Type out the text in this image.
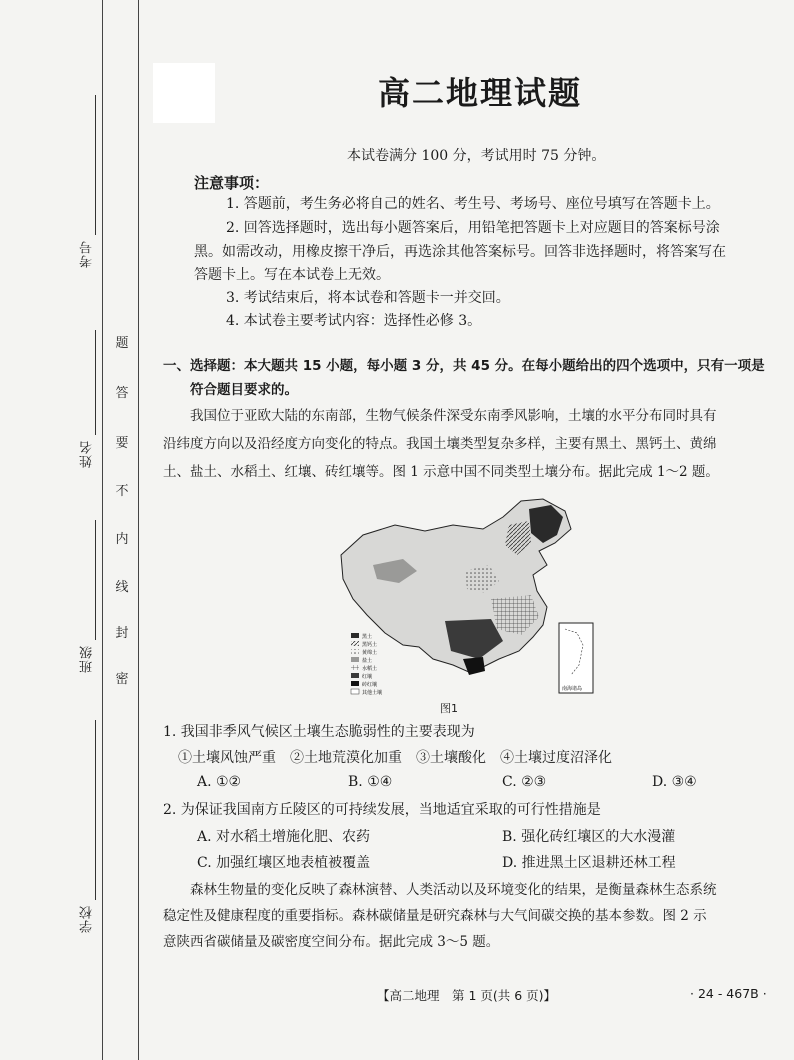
考号
姓名
班级
学校
题
答
要
不
内
线
封
密
高二地理试题
本试卷满分 100 分，考试用时 75 分钟。
注意事项：
1. 答题前，考生务必将自己的姓名、考生号、考场号、座位号填写在答题卡上。
2. 回答选择题时，选出每小题答案后，用铅笔把答题卡上对应题目的答案标号涂
黑。如需改动，用橡皮擦干净后，再选涂其他答案标号。回答非选择题时，将答案写在
答题卡上。写在本试卷上无效。
3. 考试结束后，将本试卷和答题卡一并交回。
4. 本试卷主要考试内容：选择性必修 3。
一、选择题：本大题共 15 小题，每小题 3 分，共 45 分。在每小题给出的四个选项中，只有一项是
符合题目要求的。
我国位于亚欧大陆的东南部，生物气候条件深受东南季风影响，土壤的水平分布同时具有
沿纬度方向以及沿经度方向变化的特点。我国土壤类型复杂多样，主要有黑土、黑钙土、黄绵
土、盐土、水稻土、红壤、砖红壤等。图 1 示意中国不同类型土壤分布。据此完成 1～2 题。
黑土
黑钙土
黄绵土
盐土
水稻土
红壤
砖红壤
其他土壤
南海诸岛
图1
1. 我国非季风气候区土壤生态脆弱性的主要表现为
①土壤风蚀严重　②土地荒漠化加重　③土壤酸化　④土壤过度沼泽化
A. ①②	B. ①④	C. ②③	D. ③④
2. 为保证我国南方丘陵区的可持续发展，当地适宜采取的可行性措施是
A. 对水稻土增施化肥、农药	B. 强化砖红壤区的大水漫灌
C. 加强红壤区地表植被覆盖	D. 推进黑土区退耕还林工程
森林生物量的变化反映了森林演替、人类活动以及环境变化的结果，是衡量森林生态系统
稳定性及健康程度的重要指标。森林碳储量是研究森林与大气间碳交换的基本参数。图 2 示
意陕西省碳储量及碳密度空间分布。据此完成 3～5 题。
【高二地理　第 1 页(共 6 页)】	· 24 - 467B ·
